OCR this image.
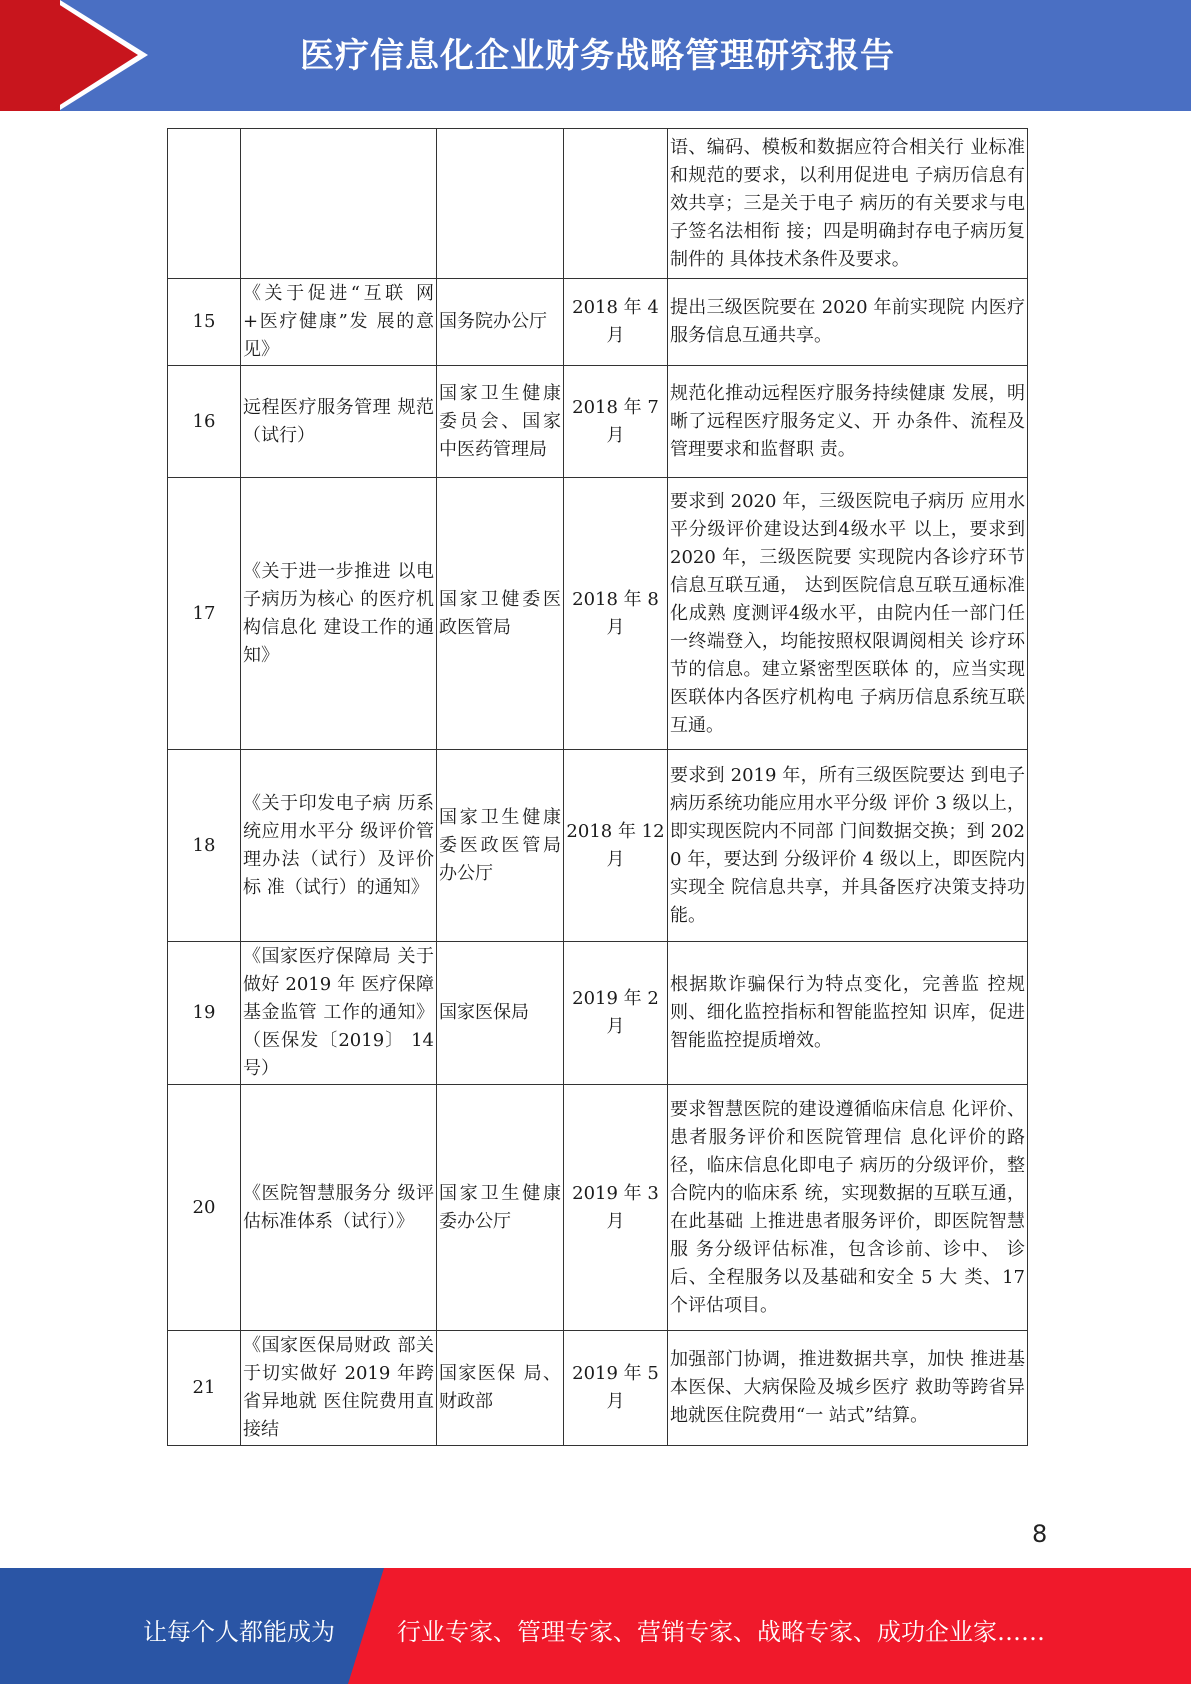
医疗信息化企业财务战略管理研究报告
				语、编码、模板和数据应符合相关行 业标准和规范的要求，以利用促进电 子病历信息有效共享；三是关于电子 病历的有关要求与电子签名法相衔 接；四是明确封存电子病历复制件的 具体技术条件及要求。
15	《关于促进“互联 网+医疗健康”发 展的意见》	国务院办公厅	2018 年 4月	提出三级医院要在 2020 年前实现院 内医疗服务信息互通共享。
16	远程医疗服务管理 规范（试行）	国家卫生健康委员会、国家中医药管理局	2018 年 7月	规范化推动远程医疗服务持续健康 发展，明晰了远程医疗服务定义、开 办条件、流程及管理要求和监督职 责。
17	《关于进一步推进 以电子病历为核心 的医疗机构信息化 建设工作的通知》	国家卫健委医政医管局	2018 年 8月	要求到 2020 年，三级医院电子病历 应用水平分级评价建设达到4级水平 以上，要求到 2020 年，三级医院要 实现院内各诊疗环节信息互联互通， 达到医院信息互联互通标准化成熟 度测评4级水平，由院内任一部门任 一终端登入，均能按照权限调阅相关 诊疗环节的信息。建立紧密型医联体 的，应当实现医联体内各医疗机构电 子病历信息系统互联互通。
18	《关于印发电子病 历系统应用水平分 级评价管理办法（试行）及评价标 准（试行）的通知》	国家卫生健康委医政医管局办公厅	2018 年 12 月	要求到 2019 年，所有三级医院要达 到电子病历系统功能应用水平分级 评价 3 级以上，即实现医院内不同部 门间数据交换；到 2020 年，要达到 分级评价 4 级以上，即医院内实现全 院信息共享，并具备医疗决策支持功 能。
19	《国家医疗保障局 关于做好 2019 年 医疗保障基金监管 工作的通知》（医保发〔2019〕 14 号）	国家医保局	2019 年 2月	根据欺诈骗保行为特点变化，完善监 控规则、细化监控指标和智能监控知 识库，促进智能监控提质增效。
20	《医院智慧服务分 级评估标准体系（试行）》	国家卫生健康委办公厅	2019 年 3月	要求智慧医院的建设遵循临床信息 化评价、患者服务评价和医院管理信 息化评价的路径，临床信息化即电子 病历的分级评价，整合院内的临床系 统，实现数据的互联互通，在此基础 上推进患者服务评价，即医院智慧服 务分级评估标准，包含诊前、诊中、 诊后、全程服务以及基础和安全 5 大 类、17 个评估项目。
21	《国家医保局财政 部关于切实做好 2019 年跨省异地就 医住院费用直接结	国家医保 局、财政部	2019 年 5月	加强部门协调，推进数据共享，加快 推进基本医保、大病保险及城乡医疗 救助等跨省异地就医住院费用“一 站式”结算。
8
让每个人都能成为	行业专家、管理专家、营销专家、战略专家、成功企业家……
